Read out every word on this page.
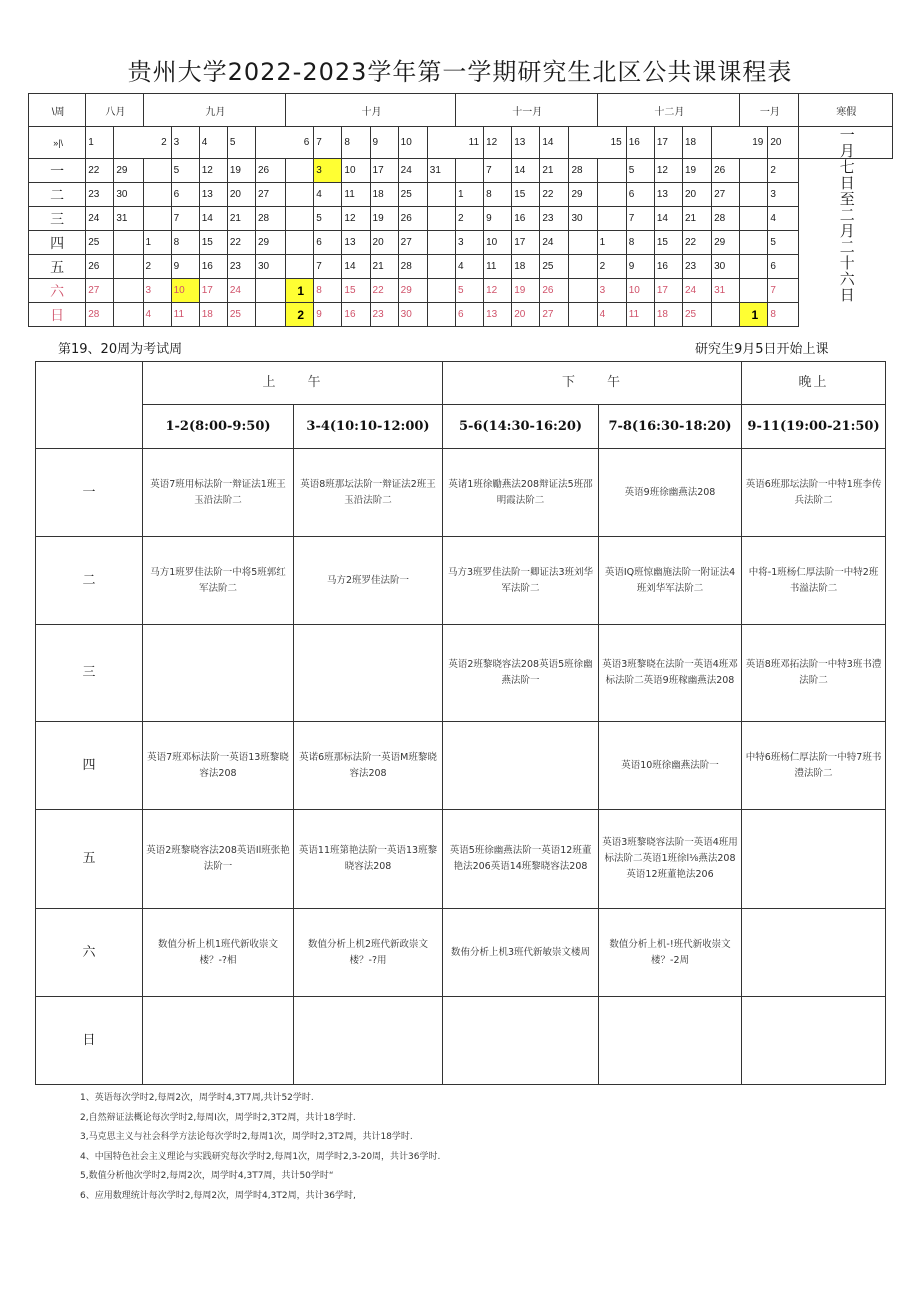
贵州大学2022-2023学年第一学期研究生北区公共课课程表
\周	八月		九月					十月						十一月					十二月					一月		寒假
»|\	1	2		3	4	5	6		7	8	9	10	11		12	13	14	15		16	17	18	19		20	一月七日至二月二十六日
一	22	29		5	12	19	26		3	10	17	24	31		7	14	21	28		5	12	19	26		2	
二	23	30		6	13	20	27		4	11	18	25		1	8	15	22	29		6	13	20	27		3	
三	24	31		7	14	21	28		5	12	19	26		2	9	16	23	30		7	14	21	28		4	
四	25		1	8	15	22	29		6	13	20	27		3	10	17	24		1	8	15	22	29		5	
五	26		2	9	16	23	30		7	14	21	28		4	11	18	25		2	9	16	23	30		6	
六	27		3	10	17	24		1	8	15	22	29		5	12	19	26		3	10	17	24	31		7	
日	28		4	11	18	25		2	9	16	23	30		6	13	20	27		4	11	18	25		1	8	
第19、20周为考试周	研究生9月5日开始上课
	上　　午		下　　午		晚上
	1-2(8:00-9:50)	3-4(10:10-12:00)	5-6(14:30-16:20)	7-8(16:30-18:20)	9-11(19:00-21:50)
一	英语7班用标法阶一辩证法1班王玉沿法阶二	英语8班那坛法阶一辩证法2班王玉沿法阶二	英诸1班徐勵燕法208辩证法5班邵明霞法阶二	英语9班徐幽燕法208	英语6班那坛法阶一中特1班李传兵法阶二
二	马方1班罗佳法阶一中将5班郭红军法阶二	马方2班罗佳法阶一	马方3班罗佳法阶一卿证法3班刘华军法阶二	英语IQ班惊幽施法阶一附证法4班刘华军法阶二	中将-1班杨仁厚法阶一中特2班书溢法阶二
三			英语2班黎晓容法208英语5班徐幽燕法阶一	英语3班黎晓在法阶一英语4班邓标法阶二英语9班稼幽燕法208	英语8班邓拓法阶一中特3班书澧法阶二
四	英语7班邓标法阶一英语13班黎晓容法208	英诺6班那标法阶一英语M班黎晓容法208		英语10班徐幽燕法阶一	中特6班杨仁厚法阶一中特7班书澧法阶二
五	英语2班黎晓容法208英语Il班张艳法阶一	英语11班第艳法阶一英语13班黎晓容法208	英语5班徐幽燕法阶一英语12班董艳法206英语14班黎晓容法208	英语3班黎晓容法阶一英语4班用标法阶二英语1班徐l⅛燕法208英语12班董艳法206	
六	数值分析上机1班代新收崇文楼？-?相	数值分析上机2班代新政崇文楼？-?用	数侑分析上机3班代新敏崇文楼周	数值分析上机-!班代新收崇文楼？-2周	
日					
1、英语每次学时2,每周2次，周学时4,3T7周,共计52学时.
2,自然辩证法概论每次学时2,每周I次，周学时2,3T2周，共计18学时.
3,马克思主义与社会科学方法论每次学时2,每周1次，周学时2,3T2周，共计18学时.
4、中国特色社会主义理论与实践研究每次学时2,每周1次，周学时2,3-20周，共计36学时.
5,数值分析他次学时2,每周2次，周学时4,3T7周，共计50学时“
6、应用数理统计每次学时2,每周2次，周学时4,3T2周，共计36学时,
